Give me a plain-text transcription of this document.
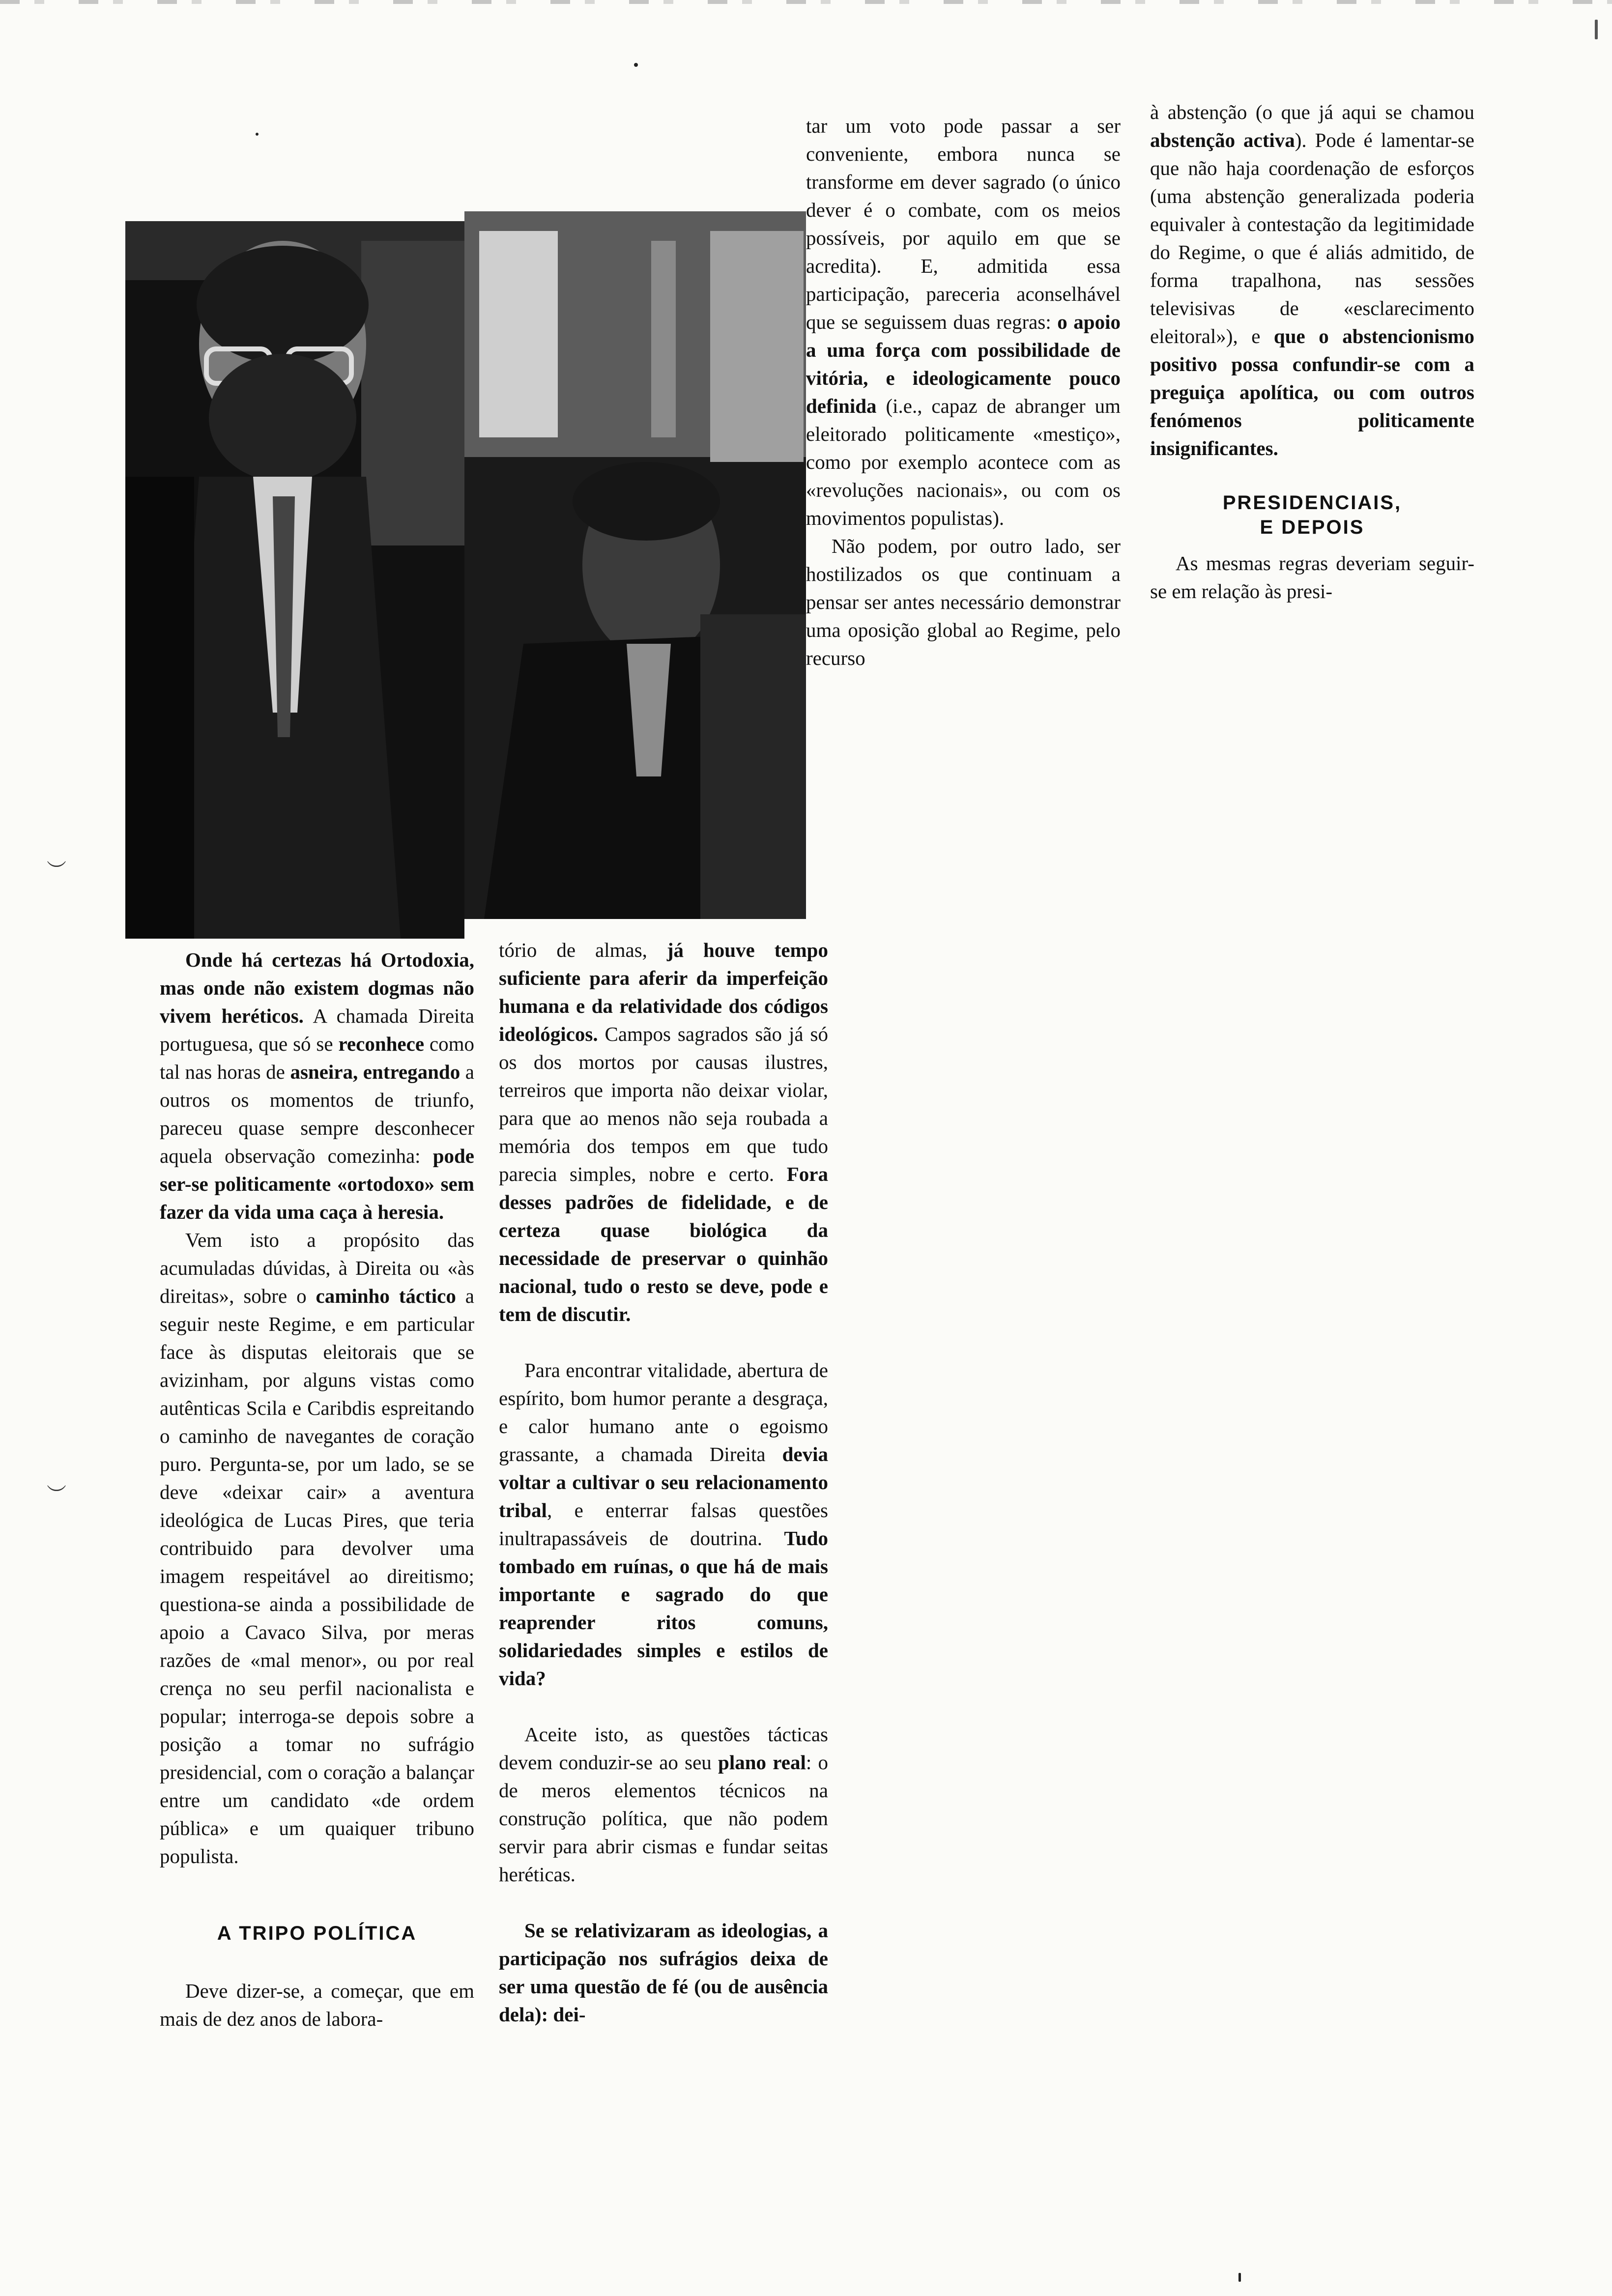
tar um voto pode passar a ser conveniente, embora nunca se transforme em dever sagrado (o único dever é o combate, com os meios possíveis, por aquilo em que se acredita). E, admitida essa participação, pareceria aconselhável que se seguissem duas regras: o apoio a uma força com possibilidade de vitória, e ideologicamente pouco definida (i.e., capaz de abranger um eleitorado politicamente «mestiço», como por exemplo acontece com as «revoluções nacionais», ou com os movimentos populistas).

Não podem, por outro lado, ser hostilizados os que continuam a pensar ser antes necessário demonstrar uma oposição global ao Regime, pelo recurso

à abstenção (o que já aqui se chamou abstenção activa). Pode é lamentar-se que não haja coordenação de esforços (uma abstenção generalizada poderia equivaler à contestação da legitimidade do Regime, o que é aliás admitido, de forma trapalhona, nas sessões televisivas de «esclarecimento eleitoral»), e que o abstencionismo positivo possa confundir-se com a preguiça apolítica, ou com outros fenómenos politicamente insignificantes.

PRESIDENCIAIS,
E DEPOIS

As mesmas regras deveriam seguir-se em relação às presi-

Onde há certezas há Ortodoxia, mas onde não existem dogmas não vivem heréticos. A chamada Direita portuguesa, que só se reconhece como tal nas horas de asneira, entregando a outros os momentos de triunfo, pareceu quase sempre desconhecer aquela observação comezinha: pode ser-se politicamente «ortodoxo» sem fazer da vida uma caça à heresia.

Vem isto a propósito das acumuladas dúvidas, à Direita ou «às direitas», sobre o caminho táctico a seguir neste Regime, e em particular face às disputas eleitorais que se avizinham, por alguns vistas como autênticas Scila e Caribdis espreitando o caminho de navegantes de coração puro. Pergunta-se, por um lado, se se deve «deixar cair» a aventura ideológica de Lucas Pires, que teria contribuido para devolver uma imagem respeitável ao direitismo; questiona-se ainda a possibilidade de apoio a Cavaco Silva, por meras razões de «mal menor», ou por real crença no seu perfil nacionalista e popular; interroga-se depois sobre a posição a tomar no sufrágio presidencial, com o coração a balançar entre um candidato «de ordem pública» e um quaiquer tribuno populista.

A TRIPO POLÍTICA

Deve dizer-se, a começar, que em mais de dez anos de labora-

tório de almas, já houve tempo suficiente para aferir da imperfeição humana e da relatividade dos códigos ideológicos. Campos sagrados são já só os dos mortos por causas ilustres, terreiros que importa não deixar violar, para que ao menos não seja roubada a memória dos tempos em que tudo parecia simples, nobre e certo. Fora desses padrões de fidelidade, e de certeza quase biológica da necessidade de preservar o quinhão nacional, tudo o resto se deve, pode e tem de discutir.

Para encontrar vitalidade, abertura de espírito, bom humor perante a desgraça, e calor humano ante o egoismo grassante, a chamada Direita devia voltar a cultivar o seu relacionamento tribal, e enterrar falsas questões inultrapassáveis de doutrina. Tudo tombado em ruínas, o que há de mais importante e sagrado do que reaprender ritos comuns, solidariedades simples e estilos de vida?

Aceite isto, as questões tácticas devem conduzir-se ao seu plano real: o de meros elementos técnicos na construção política, que não podem servir para abrir cismas e fundar seitas heréticas.

Se se relativizaram as ideologias, a participação nos sufrágios deixa de ser uma questão de fé (ou de ausência dela): dei-

︶
︶
